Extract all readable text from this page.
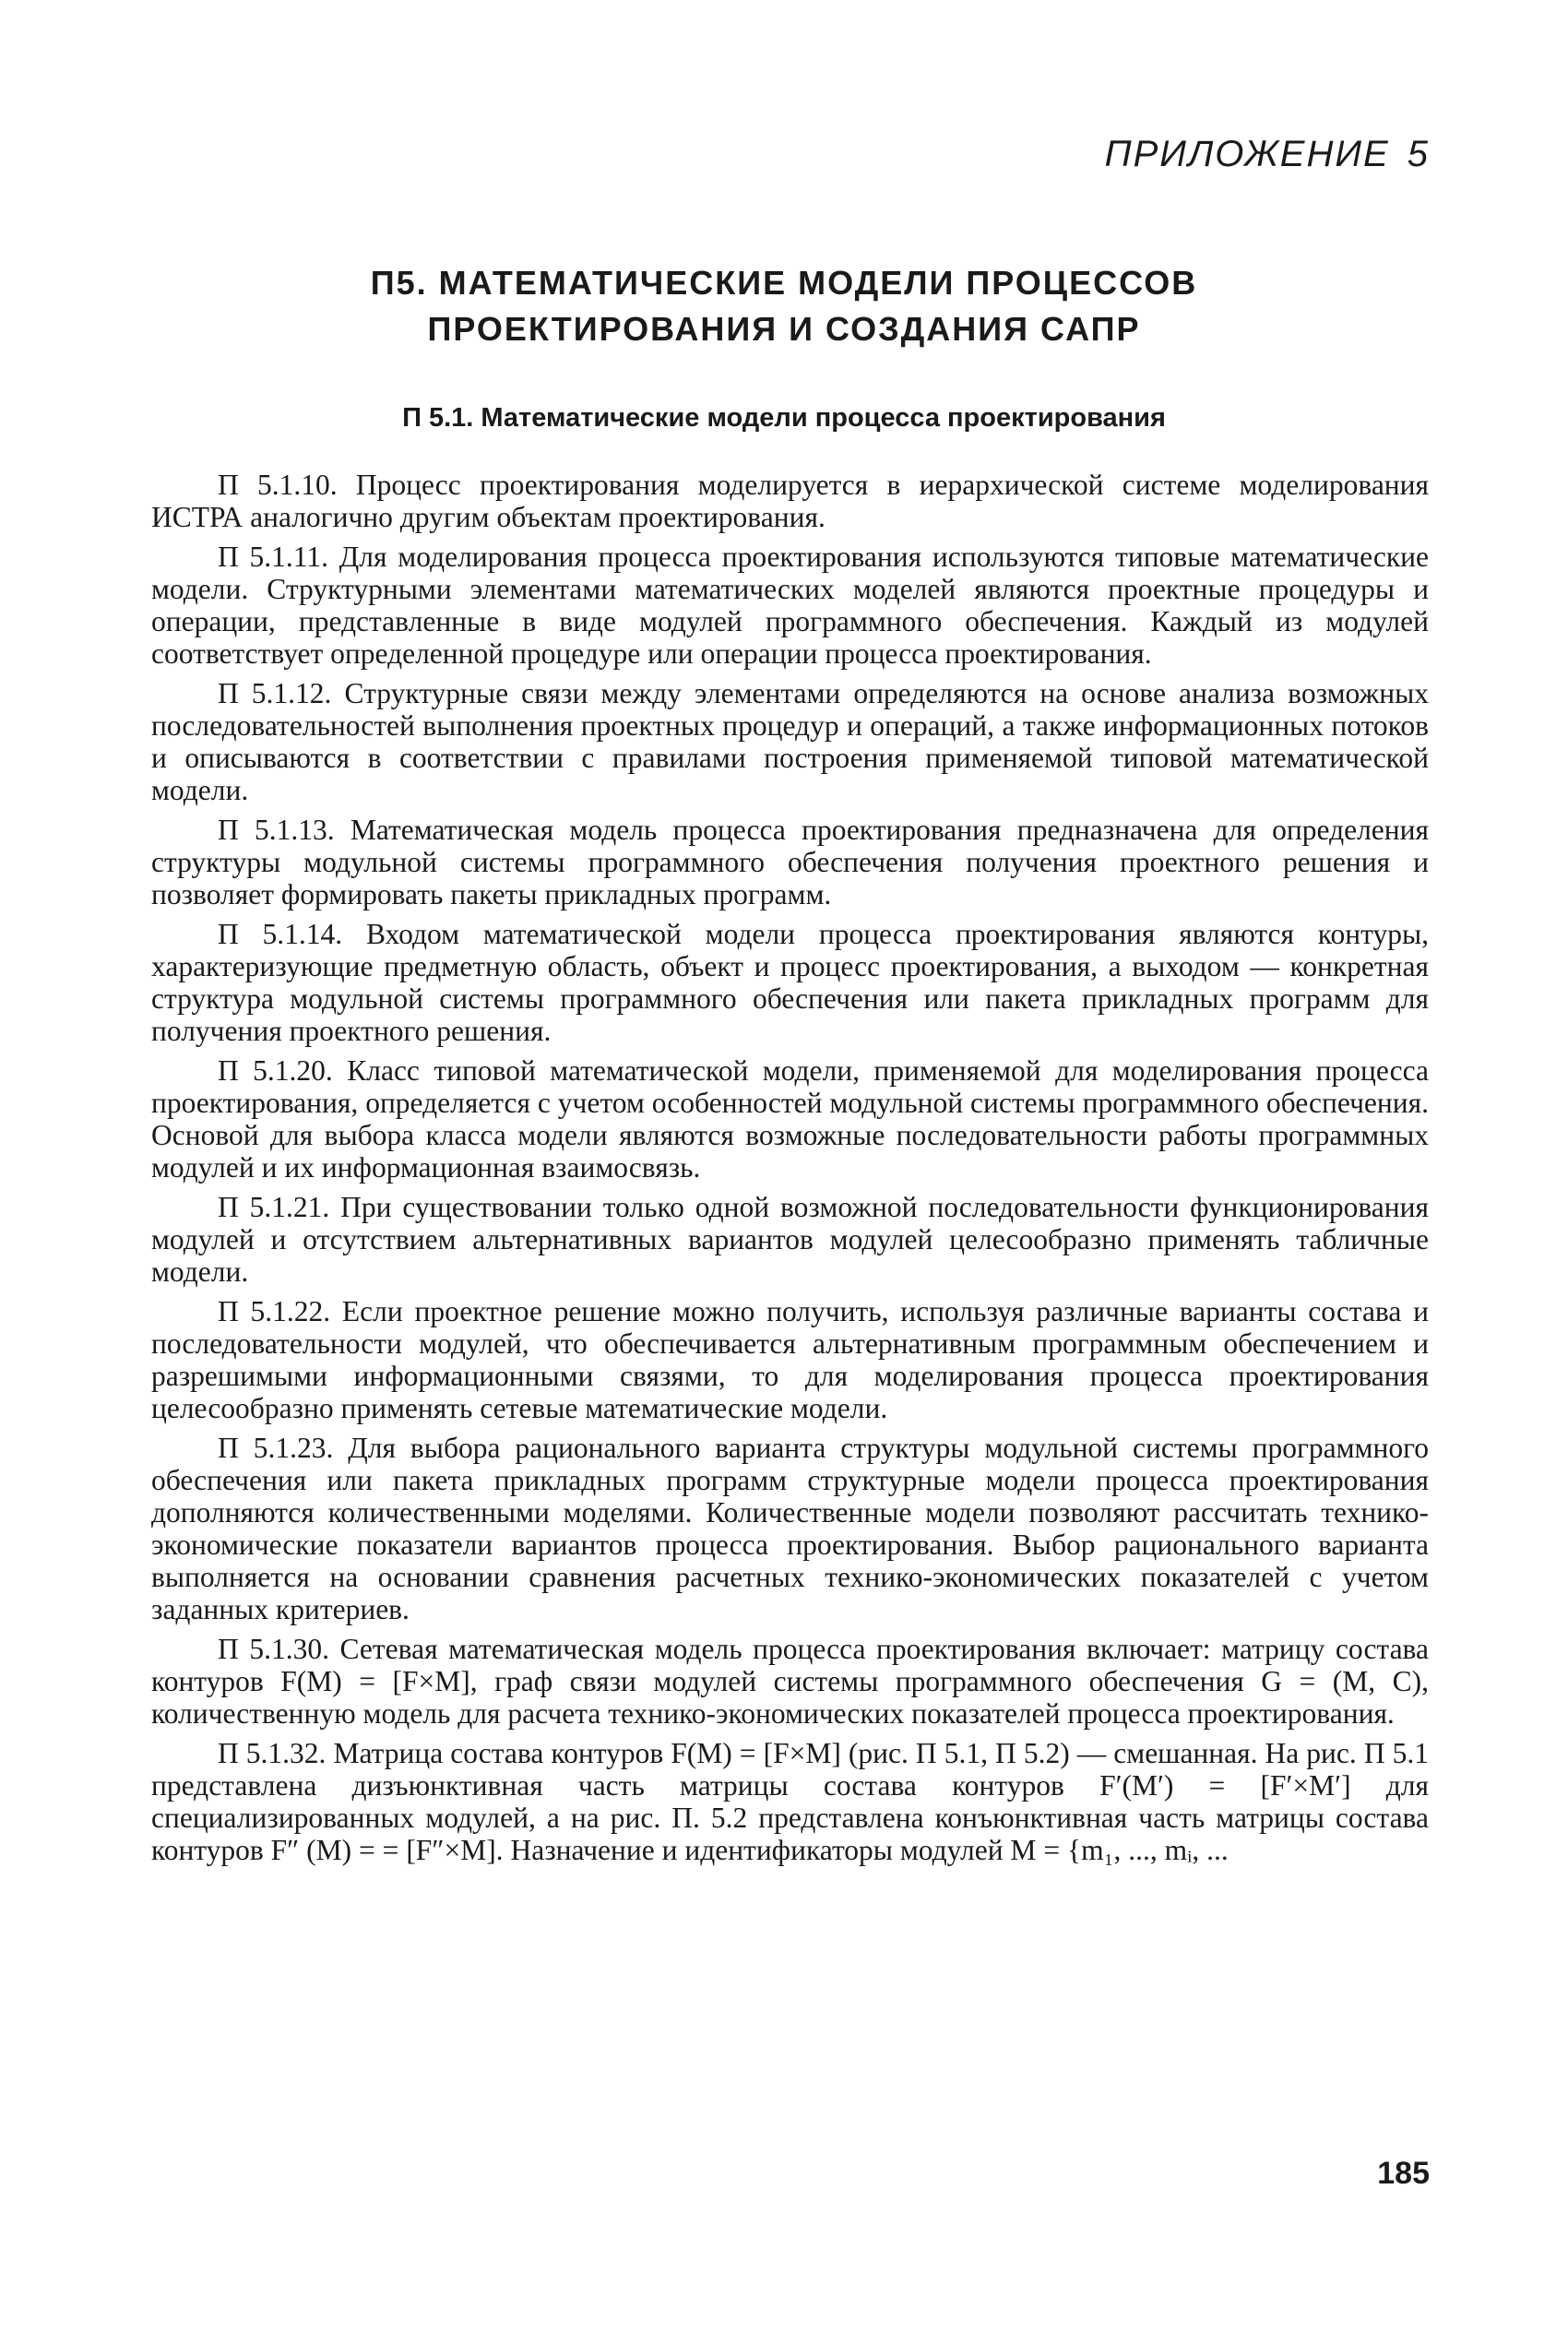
ПРИЛОЖЕНИЕ 5
П5. МАТЕМАТИЧЕСКИЕ МОДЕЛИ ПРОЦЕССОВ
ПРОЕКТИРОВАНИЯ И СОЗДАНИЯ САПР
П 5.1. Математические модели процесса проектирования

П 5.1.10. Процесс проектирования моделируется в иерархической системе моделирования ИСТРА аналогично другим объектам проектирования.

П 5.1.11. Для моделирования процесса проектирования используются типовые математические модели. Структурными элементами математических моделей являются проектные процедуры и операции, представленные в виде модулей программного обеспечения. Каждый из модулей соответствует определенной процедуре или операции процесса проектирования.

П 5.1.12. Структурные связи между элементами определяются на основе анализа возможных последовательностей выполнения проектных процедур и операций, а также информационных потоков и описываются в соответствии с правилами построения применяемой типовой математической модели.

П 5.1.13. Математическая модель процесса проектирования предназначена для определения структуры модульной системы программного обеспечения получения проектного решения и позволяет формировать пакеты прикладных программ.

П 5.1.14. Входом математической модели процесса проектирования являются контуры, характеризующие предметную область, объект и процесс проектирования, а выходом — конкретная структура модульной системы программного обеспечения или пакета прикладных программ для получения проектного решения.

П 5.1.20. Класс типовой математической модели, применяемой для моделирования процесса проектирования, определяется с учетом особенностей модульной системы программного обеспечения. Основой для выбора класса модели являются возможные последовательности работы программных модулей и их информационная взаимосвязь.

П 5.1.21. При существовании только одной возможной последовательности функционирования модулей и отсутствием альтернативных вариантов модулей целесообразно применять табличные модели.

П 5.1.22. Если проектное решение можно получить, используя различные варианты состава и последовательности модулей, что обеспечивается альтернативным программным обеспечением и разрешимыми информационными связями, то для моделирования процесса проектирования целесообразно применять сетевые математические модели.

П 5.1.23. Для выбора рационального варианта структуры модульной системы программного обеспечения или пакета прикладных программ структурные модели процесса проектирования дополняются количественными моделями. Количественные модели позволяют рассчитать технико-экономические показатели вариантов процесса проектирования. Выбор рационального варианта выполняется на основании сравнения расчетных технико-экономических показателей с учетом заданных критериев.

П 5.1.30. Сетевая математическая модель процесса проектирования включает: матрицу состава контуров F(M) = [F×M], граф связи модулей системы программного обеспечения G = (M, C), количественную модель для расчета технико-экономических показателей процесса проектирования.

П 5.1.32. Матрица состава контуров F(M) = [F×M] (рис. П 5.1, П 5.2) — смешанная. На рис. П 5.1 представлена дизъюнктивная часть матрицы состава контуров F′(M′) = [F′×M′] для специализированных модулей, а на рис. П. 5.2 представлена конъюнктивная часть матрицы состава контуров F″ (M) = = [F″×M]. Назначение и идентификаторы модулей M = {m₁, ..., mᵢ, ...

185
